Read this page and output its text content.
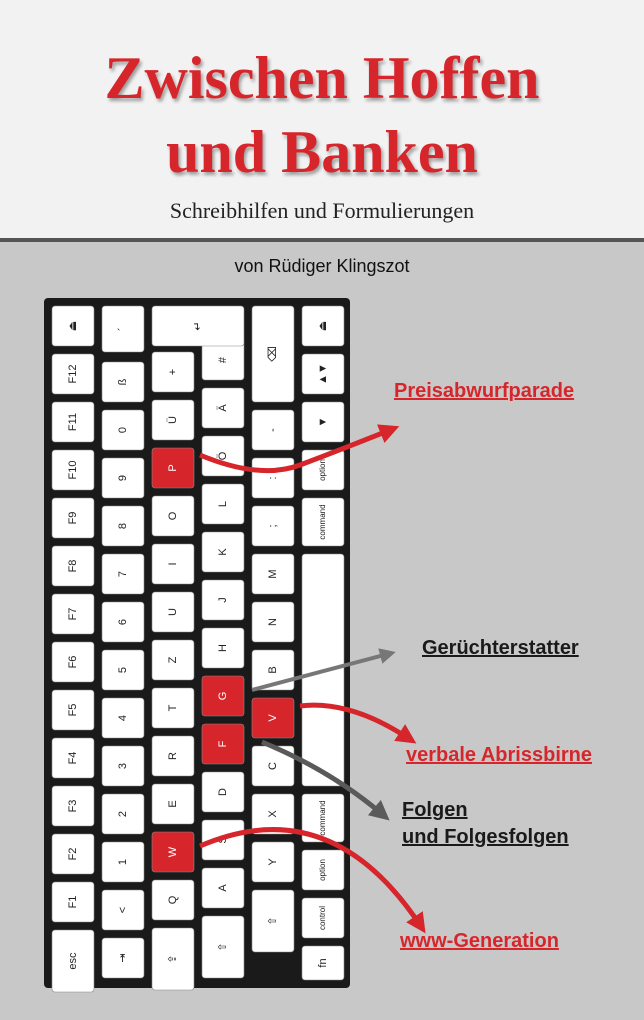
Zwischen Hoffen
und Banken
Schreibhilfen und Formulierungen
von Rüdiger Klingszot
⏏
F12
F11
F10
F9
F8
F7
F6
F5
F4
F3
F2
F1
esc
´
ß
0
9
8
7
6
5
4
3
2
1
<
⇥
+
Ü
P
O
I
U
Z
T
R
E
W
Q
⇪
#
Ä
Ö
L
K
J
H
G
F
D
S
A
⇧
↵
-
:
;
M
N
B
V
C
X
Y
⇧
⌫
⏏
▲▼
▼
option
command
command
option
control
fn
Preisabwurfparade
Gerüchterstatter
verbale Abrissbirne
Folgen
und Folgesfolgen
www-Generation
